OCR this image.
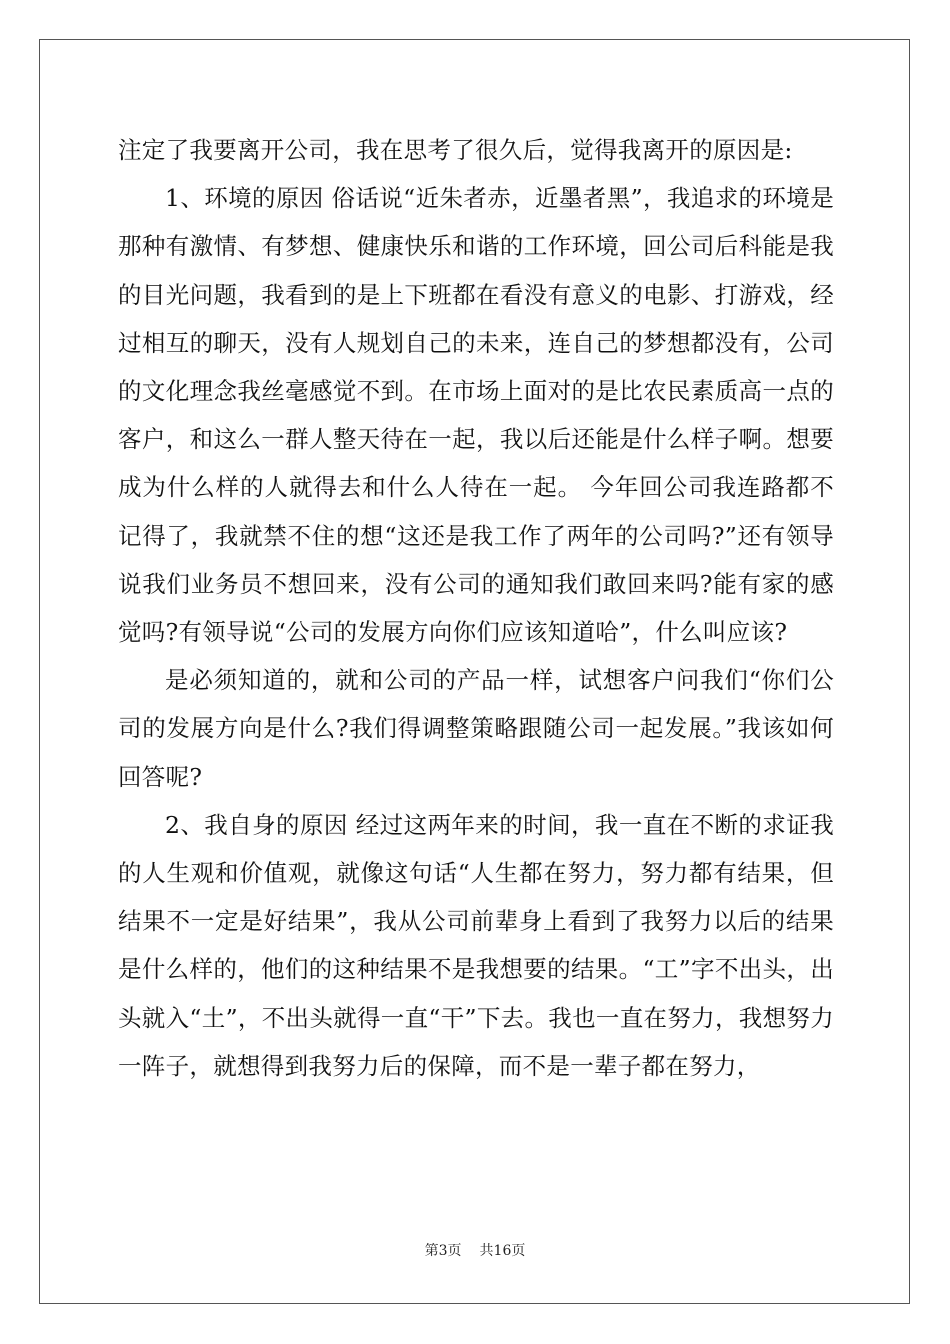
注定了我要离开公司，我在思考了很久后，觉得我离开的原因是:

1、环境的原因 俗话说“近朱者赤，近墨者黑”，我追求的环境是那种有激情、有梦想、健康快乐和谐的工作环境，回公司后科能是我的目光问题，我看到的是上下班都在看没有意义的电影、打游戏，经过相互的聊天，没有人规划自己的未来，连自己的梦想都没有，公司的文化理念我丝毫感觉不到。在市场上面对的是比农民素质高一点的客户，和这么一群人整天待在一起，我以后还能是什么样子啊。想要成为什么样的人就得去和什么人待在一起。 今年回公司我连路都不记得了，我就禁不住的想“这还是我工作了两年的公司吗?”还有领导说我们业务员不想回来，没有公司的通知我们敢回来吗?能有家的感觉吗?有领导说“公司的发展方向你们应该知道哈”，什么叫应该?

是必须知道的，就和公司的产品一样，试想客户问我们“你们公司的发展方向是什么?我们得调整策略跟随公司一起发展。”我该如何回答呢?

2、我自身的原因 经过这两年来的时间，我一直在不断的求证我的人生观和价值观，就像这句话“人生都在努力，努力都有结果，但结果不一定是好结果”，我从公司前辈身上看到了我努力以后的结果是什么样的，他们的这种结果不是我想要的结果。“工”字不出头，出头就入“土”，不出头就得一直“干”下去。我也一直在努力，我想努力一阵子，就想得到我努力后的保障，而不是一辈子都在努力，

第3页 共16页
